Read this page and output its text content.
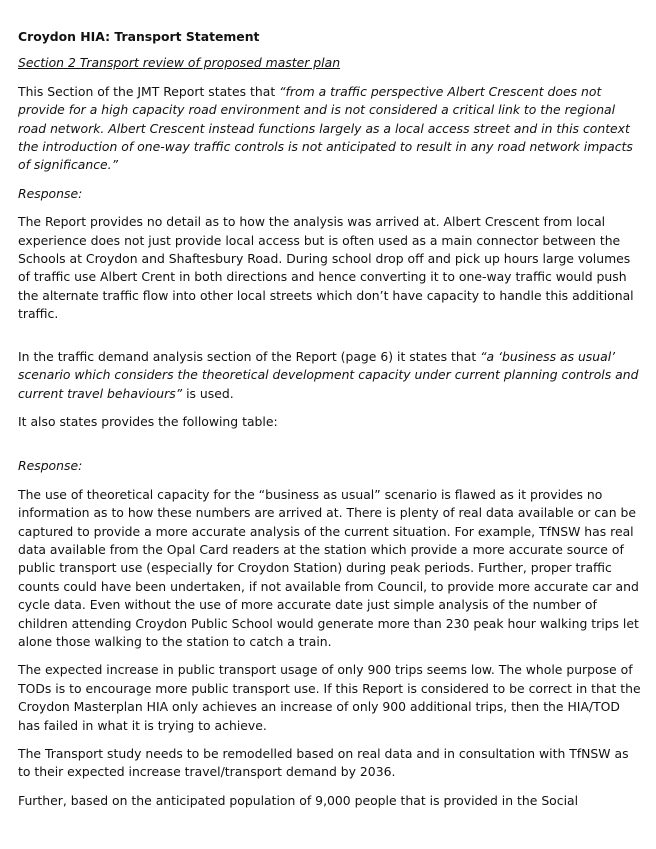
Croydon HIA: Transport Statement

Section 2 Transport review of proposed master plan

This Section of the JMT Report states that “from a traffic perspective Albert Crescent does not provide for a high capacity road environment and is not considered a critical link to the regional road network. Albert Crescent instead functions largely as a local access street and in this context the introduction of one-way traffic controls is not anticipated to result in any road network impacts of significance.”

Response:

The Report provides no detail as to how the analysis was arrived at. Albert Crescent from local experience does not just provide local access but is often used as a main connector between the Schools at Croydon and Shaftesbury Road. During school drop off and pick up hours large volumes of traffic use Albert Crent in both directions and hence converting it to one-way traffic would push the alternate traffic flow into other local streets which don’t have capacity to handle this additional traffic.

In the traffic demand analysis section of the Report (page 6) it states that “a ‘business as usual’ scenario which considers the theoretical development capacity under current planning controls and current travel behaviours” is used.

It also states provides the following table:

Response:

The use of theoretical capacity for the “business as usual” scenario is flawed as it provides no information as to how these numbers are arrived at. There is plenty of real data available or can be captured to provide a more accurate analysis of the current situation. For example, TfNSW has real data available from the Opal Card readers at the station which provide a more accurate source of public transport use (especially for Croydon Station) during peak periods. Further, proper traffic counts could have been undertaken, if not available from Council, to provide more accurate car and cycle data. Even without the use of more accurate date just simple analysis of the number of children attending Croydon Public School would generate more than 230 peak hour walking trips let alone those walking to the station to catch a train.

The expected increase in public transport usage of only 900 trips seems low. The whole purpose of TODs is to encourage more public transport use. If this Report is considered to be correct in that the Croydon Masterplan HIA only achieves an increase of only 900 additional trips, then the HIA/TOD has failed in what it is trying to achieve.

The Transport study needs to be remodelled based on real data and in consultation with TfNSW as to their expected increase travel/transport demand by 2036.

Further, based on the anticipated population of 9,000 people that is provided in the Social
